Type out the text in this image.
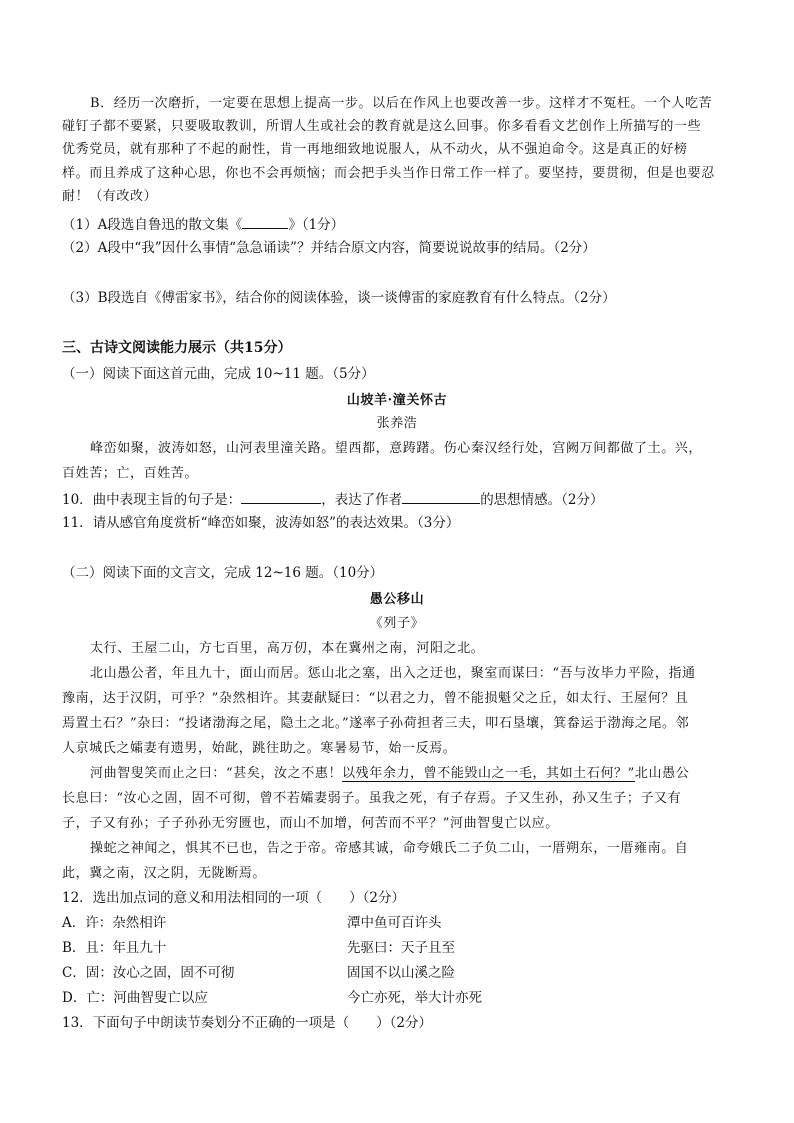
B．经历一次磨折，一定要在思想上提高一步。以后在作风上也要改善一步。这样才不冤枉。一个人吃苦
碰钉子都不要紧，只要吸取教训，所谓人生或社会的教育就是这么回事。你多看看文艺创作上所描写的一些
优秀党员，就有那种了不起的耐性，肯一再地细致地说服人，从不动火，从不强迫命令。这是真正的好榜
样。而且养成了这种心思，你也不会再烦恼；而会把手头当作日常工作一样了。要坚持，要贯彻，但是也要忍
耐！（有改改）
（1）A段选自鲁迅的散文集《	》（1分）
（2）A段中“我”因什么事情“急急诵读”？并结合原文内容，简要说说故事的结局。（2分）
（3）B段选自《傅雷家书》，结合你的阅读体验，谈一谈傅雷的家庭教育有什么特点。（2分）
三、古诗文阅读能力展示（共15分）
（一）阅读下面这首元曲，完成 10~11 题。（5分）
山坡羊·潼关怀古
张养浩
峰峦如聚，波涛如怒，山河表里潼关路。望西都，意踌躇。伤心秦汉经行处，宫阙万间都做了土。兴，
百姓苦；亡，百姓苦。
10．曲中表现主旨的句子是：	，表达了作者	的思想情感。（2分）
11．请从感官角度赏析“峰峦如聚，波涛如怒”的表达效果。（3分）
（二）阅读下面的文言文，完成 12~16 题。（10分）
愚公移山
《列子》
太行、王屋二山，方七百里，高万仞，本在冀州之南，河阳之北。
北山愚公者，年且九十，面山而居。惩山北之塞，出入之迂也，聚室而谋曰：“吾与汝毕力平险，指通
豫南，达于汉阴，可乎？”杂然相许。其妻献疑曰：“以君之力，曾不能损魁父之丘，如太行、王屋何？且
焉置土石？”杂曰：“投诸渤海之尾，隐土之北。”遂率子孙荷担者三夫，叩石垦壤，箕畚运于渤海之尾。邻
人京城氏之孀妻有遗男，始龀，跳往助之。寒暑易节，始一反焉。
河曲智叟笑而止之曰：“甚矣，汝之不惠！以残年余力，曾不能毁山之一毛，其如土石何？”北山愚公
长息曰：“汝心之固，固不可彻，曾不若孀妻弱子。虽我之死，有子存焉。子又生孙，孙又生子；子又有
子，子又有孙；子子孙孙无穷匮也，而山不加增，何苦而不平？”河曲智叟亡以应。
操蛇之神闻之，惧其不已也，告之于帝。帝感其诚，命夸娥氏二子负二山，一厝朔东，一厝雍南。自
此，冀之南，汉之阴，无陇断焉。
12．选出加点词的意义和用法相同的一项（　　）（2分）
A．许：杂然相许	潭中鱼可百许头
B．且：年且九十	先驱曰：天子且至
C．固：汝心之固，固不可彻	固国不以山溪之险
D．亡：河曲智叟亡以应	今亡亦死，举大计亦死
13．下面句子中朗读节奏划分不正确的一项是（　　）（2分）
